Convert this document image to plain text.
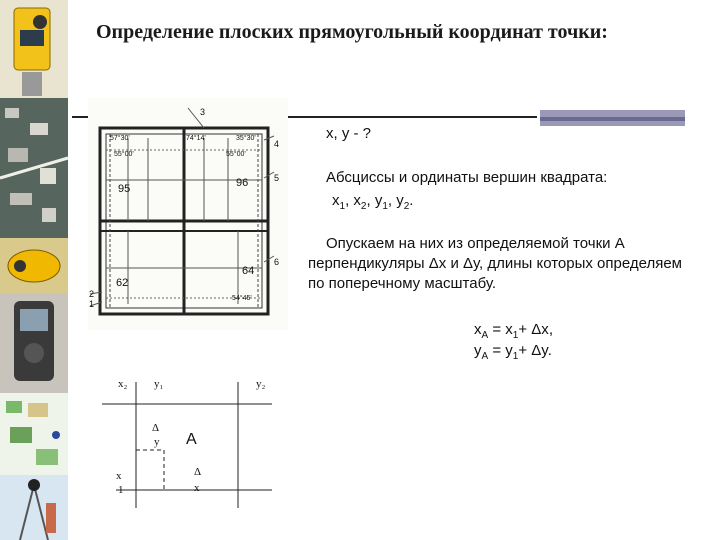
Определение плоских прямоугольный координат точки:
3
4
5
6
1
2
74°14'	35°30'
55°00'
57°30'
55°00'
95	96
62
64
54°45'
х, у - ?
Абсциссы и ординаты вершин квадрата:
$x_1$, $x_2$, $y_1$, $y_2$.
Опускаем на них из определяемой точки А перпендикуляры Δх и Δу, длины которых определяем по поперечному масштабу.
$x_A = x_1+ \Delta x$,
$y_A = y_1+ \Delta y$.
x₂ y₁	y₂
Δ
y A
x
1
Δ
x
